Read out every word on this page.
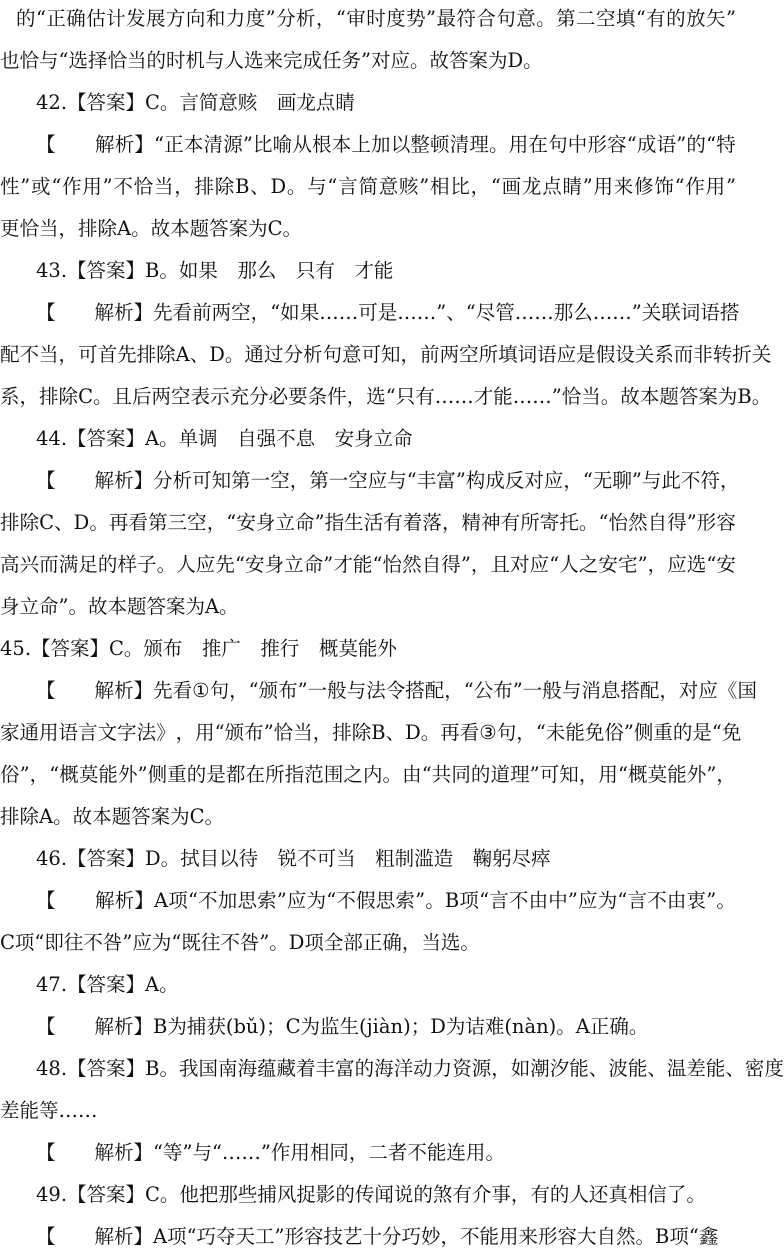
的 “ 正 确 估 计 发 展 方 向 和 力 度 ” 分 析 ， “ 审 时 度 势 ” 最 符 合 句 意 。 第 二 空 填 “ 有 的 放 矢 ”
也恰与“选择恰当的时机与人选来完成任务”对应。故答案为D。
42.【答案】C。言简意赅　画龙点睛
【

　 解 析 】 “ 正 本 清 源 ” 比 喻 从 根 本 上 加 以 整 顿 清 理 。 用 在 句 中 形 容 “ 成 语 ” 的 “ 特
性 ” 或 “ 作 用 ” 不 恰 当 ， 排 除 B 、 D 。 与 “ 言 简 意 赅 ” 相 比 ， “ 画 龙 点 睛 ” 用 来 修 饰 “ 作 用 ”
更恰当，排除A。故本题答案为C。
43.【答案】B。如果　那么　只有　才能
【

　 解 析 】 先 看 前 两 空 ， “ 如 果 … … 可 是 … … ” 、 “ 尽 管 … … 那 么 … … ” 关 联 词 语 搭
配 不 当 ， 可 首 先 排 除 A 、 D 。 通 过 分 析 句 意 可 知 ， 前 两 空 所 填 词 语 应 是 假 设 关 系 而 非 转 折 关
系 ， 排 除 C 。 且 后 两 空 表 示 充 分 必 要 条 件 ， 选 “ 只 有 … … 才 能 … … ” 恰 当 。 故 本 题 答 案 为 B 。
44.【答案】A。单调　自强不息　安身立命
【

　 解 析 】 分 析 可 知 第 一 空 ， 第 一 空 应 与 “ 丰 富 ” 构 成 反 对 应 ， “ 无 聊 ” 与 此 不 符 ，
排 除 C 、 D 。 再 看 第 三 空 ， “ 安 身 立 命 ” 指 生 活 有 着 落 ， 精 神 有 所 寄 托 。 “ 怡 然 自 得 ” 形 容
高 兴 而 满 足 的 样 子 。 人 应 先 “ 安 身 立 命 ” 才 能 “ 怡 然 自 得 ” ， 且 对 应 “ 人 之 安 宅 ” ， 应 选 “ 安
身立命”。故本题答案为A。
45.【答案】C。颁布　推广　推行　概莫能外
【

　 解 析 】 先 看 ① 句 ， “ 颁 布 ” 一 般 与 法 令 搭 配 ， “ 公 布 ” 一 般 与 消 息 搭 配 ， 对 应 《 国
家 通 用 语 言 文 字 法 》 ， 用 “ 颁 布 ” 恰 当 ， 排 除 B 、 D 。 再 看 ③ 句 ， “ 未 能 免 俗 ” 侧 重 的 是 “ 免
俗 ” ， “ 概 莫 能 外 ” 侧 重 的 是 都 在 所 指 范 围 之 内 。 由 “ 共 同 的 道 理 ” 可 知 ， 用 “ 概 莫 能 外 ” ，
排除A。故本题答案为C。
46.【答案】D。拭目以待　锐不可当　粗制滥造　鞠躬尽瘁
【

　 解 析 】 A 项 “ 不 加 思 索 ” 应 为 “ 不 假 思 索 ” 。 B 项 “ 言 不 由 中 ” 应 为 “ 言 不 由 衷 ” 。
C项“即往不咎”应为“既往不咎”。D项全部正确，当选。
47.【答案】A。
【　　解析】B为捕获(bǔ)；C为监生(jiàn)；D为诘难(nàn)。A正确。
4 8 . 【 答 案 】 B 。 我 国 南 海 蕴 藏 着 丰 富 的 海 洋 动 力 资 源 ， 如 潮 汐 能 、 波 能 、 温 差 能 、 密 度
差能等……
【　　解析】“等”与“……”作用相同，二者不能连用。
49.【答案】C。他把那些捕风捉影的传闻说的煞有介事，有的人还真相信了。
【　　解析】A项“巧夺天工”形容技艺十分巧妙，不能用来形容大自然。B项“鑫
